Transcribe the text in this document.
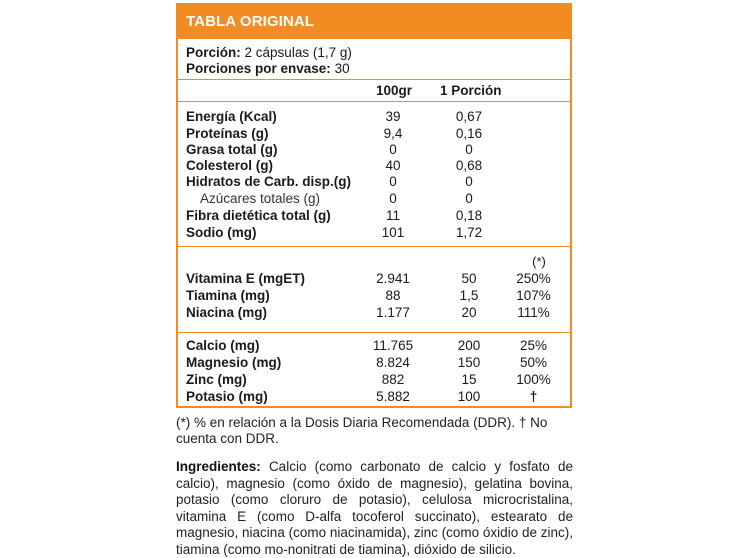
TABLA ORIGINAL
Porción: 2 cápsulas (1,7 g)
Porciones por envase: 30
100gr 1 Porción
Energía (Kcal)	39	0,67
Proteínas (g)	9,4	0,16
Grasa total (g)	0	0
Colesterol (g)	40	0,68
Hidratos de Carb. disp.(g)	0	0
Azúcares totales (g)	0	0
Fibra dietética total (g)	11	0,18
Sodio (mg)	101	1,72
(*)
Vitamina E (mgET)	2.941	50	250%
Tiamina (mg)	88	1,5	107%
Niacina (mg)	1.177	20	111%
Calcio (mg)	11.765	200	25%
Magnesio (mg)	8.824	150	50%
Zinc (mg)	882	15	100%
Potasio (mg)	5.882	100	†
(*) % en relación a la Dosis Diaria Recomendada (DDR). † No cuenta con DDR.
Ingredientes: Calcio (como carbonato de calcio y fosfato de calcio), magnesio (como óxido de magnesio), gelatina bovina, potasio (como cloruro de potasio), celulosa microcristalina, vitamina E (como D-alfa tocoferol succinato), estearato de magnesio, niacina (como niacinamida), zinc (como óxidio de zinc), tiamina (como mo-nonitrati de tiamina), dióxido de silicio.
